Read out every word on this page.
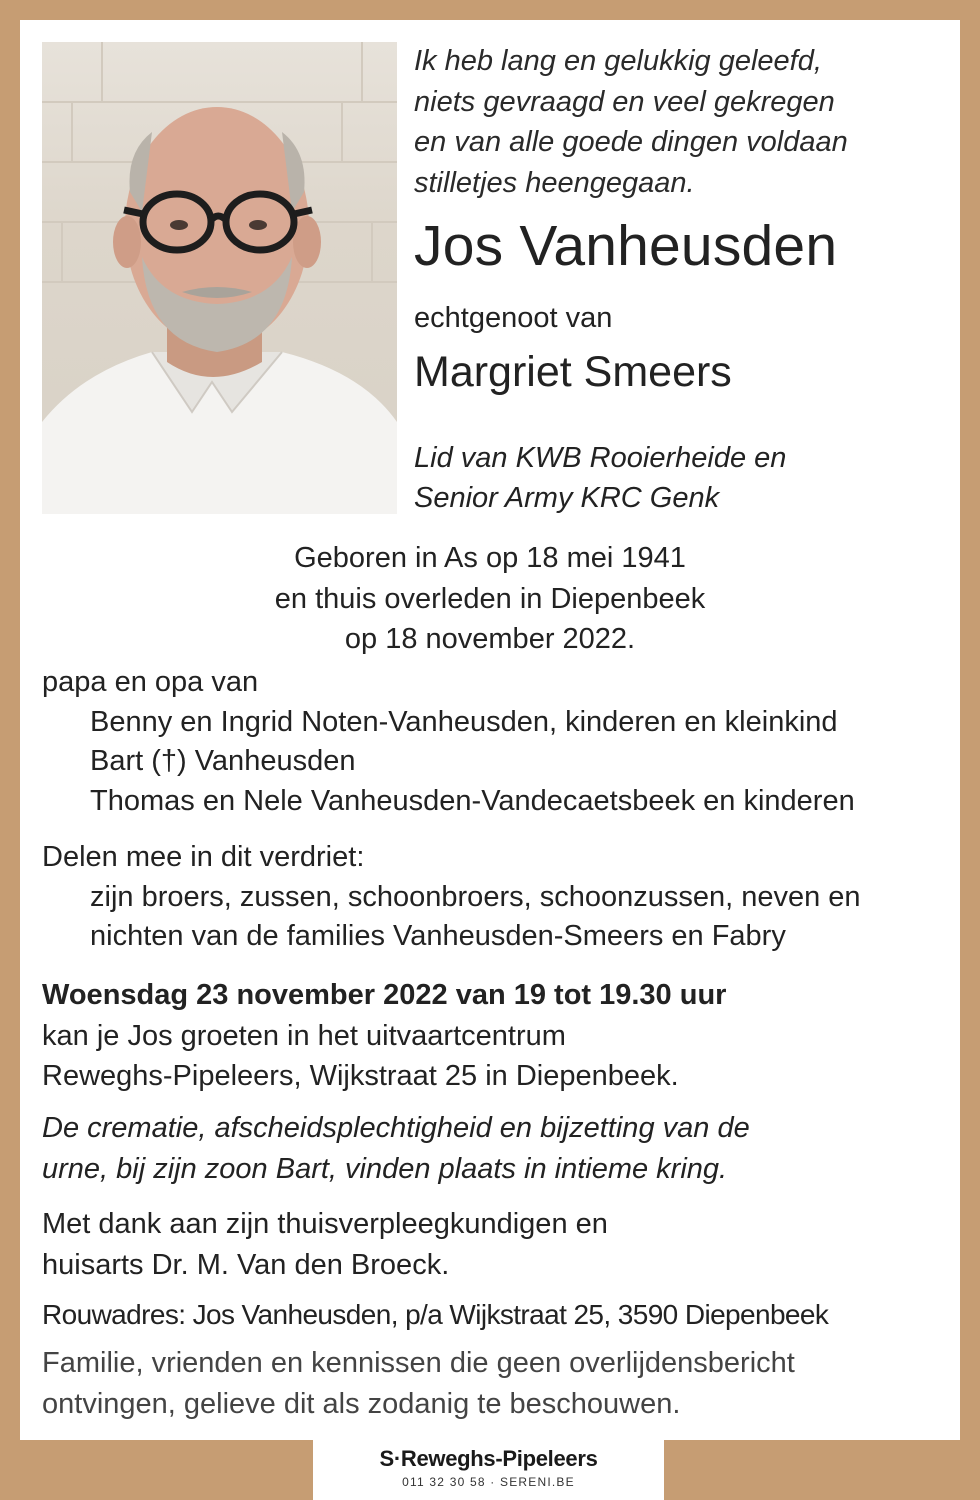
Ik heb lang en gelukkig geleefd,
niets gevraagd en veel gekregen
en van alle goede dingen voldaan
stilletjes heengegaan.
Jos Vanheusden
echtgenoot van
Margriet Smeers
Lid van KWB Rooierheide en
Senior Army KRC Genk
Geboren in As op 18 mei 1941
en thuis overleden in Diepenbeek
op 18 november 2022.
papa en opa van
Benny en Ingrid Noten-Vanheusden, kinderen en kleinkind
Bart (†) Vanheusden
Thomas en Nele Vanheusden-Vandecaetsbeek en kinderen
Delen mee in dit verdriet:
zijn broers, zussen, schoonbroers, schoonzussen, neven en
nichten van de families Vanheusden-Smeers en Fabry
Woensdag 23 november 2022 van 19 tot 19.30 uur
kan je Jos groeten in het uitvaartcentrum
Reweghs-Pipeleers, Wijkstraat 25 in Diepenbeek.
De crematie, afscheidsplechtigheid en bijzetting van de
urne, bij zijn zoon Bart, vinden plaats in intieme kring.
Met dank aan zijn thuisverpleegkundigen en
huisarts Dr. M. Van den Broeck.
Rouwadres: Jos Vanheusden, p/a Wijkstraat 25, 3590 Diepenbeek
Familie, vrienden en kennissen die geen overlijdensbericht
ontvingen, gelieve dit als zodanig te beschouwen.
S·Reweghs-Pipeleers
011 32 30 58 · SERENI.BE
